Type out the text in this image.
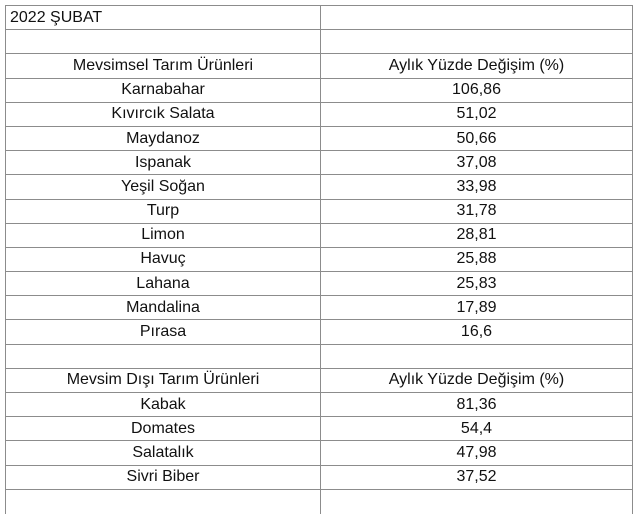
2022 ŞUBAT	

Mevsimsel Tarım Ürünleri	Aylık Yüzde Değişim (%)
Karnabahar	106,86
Kıvırcık Salata	51,02
Maydanoz	50,66
Ispanak	37,08
Yeşil Soğan	33,98
Turp	31,78
Limon	28,81
Havuç	25,88
Lahana	25,83
Mandalina	17,89
Pırasa	16,6

Mevsim Dışı Tarım Ürünleri	Aylık Yüzde Değişim (%)
Kabak	81,36
Domates	54,4
Salatalık	47,98
Sivri Biber	37,52
